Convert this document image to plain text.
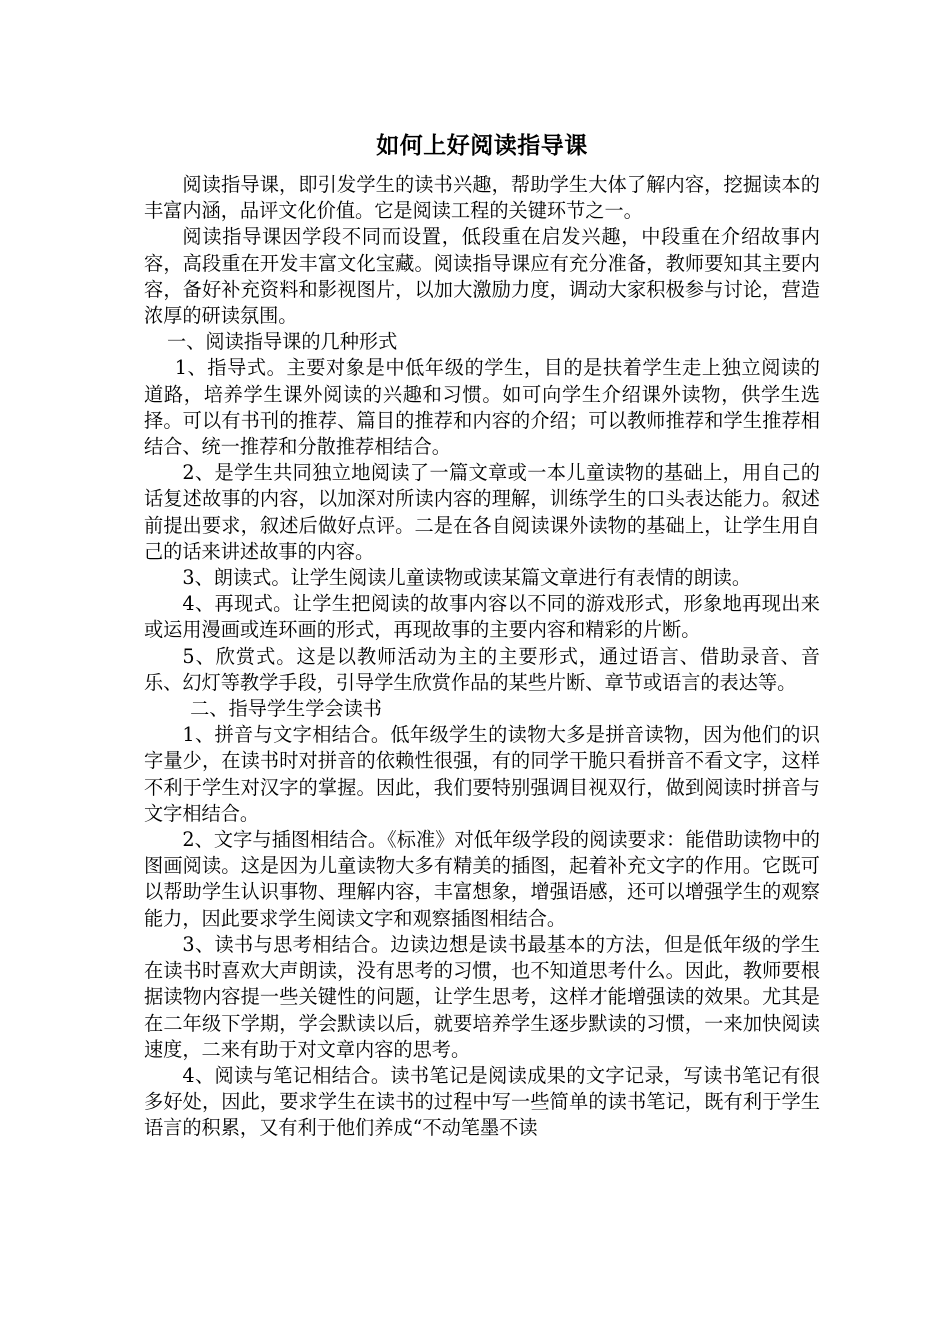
如何上好阅读指导课

阅读指导课，即引发学生的读书兴趣，帮助学生大体了解内容，挖掘读本的丰富内涵，品评文化价值。它是阅读工程的关键环节之一。

阅读指导课因学段不同而设置，低段重在启发兴趣，中段重在介绍故事内容，高段重在开发丰富文化宝藏。阅读指导课应有充分准备，教师要知其主要内容，备好补充资料和影视图片，以加大激励力度，调动大家积极参与讨论，营造浓厚的研读氛围。

一、阅读指导课的几种形式

1、指导式。主要对象是中低年级的学生，目的是扶着学生走上独立阅读的道路，培养学生课外阅读的兴趣和习惯。如可向学生介绍课外读物，供学生选择。可以有书刊的推荐、篇目的推荐和内容的介绍；可以教师推荐和学生推荐相结合、统一推荐和分散推荐相结合。

2、是学生共同独立地阅读了一篇文章或一本儿童读物的基础上，用自己的话复述故事的内容，以加深对所读内容的理解，训练学生的口头表达能力。叙述前提出要求，叙述后做好点评。二是在各自阅读课外读物的基础上，让学生用自己的话来讲述故事的内容。

3、朗读式。让学生阅读儿童读物或读某篇文章进行有表情的朗读。

4、再现式。让学生把阅读的故事内容以不同的游戏形式，形象地再现出来或运用漫画或连环画的形式，再现故事的主要内容和精彩的片断。

5、欣赏式。这是以教师活动为主的主要形式，通过语言、借助录音、音乐、幻灯等教学手段，引导学生欣赏作品的某些片断、章节或语言的表达等。

二、指导学生学会读书

1、拼音与文字相结合。低年级学生的读物大多是拼音读物，因为他们的识字量少，在读书时对拼音的依赖性很强，有的同学干脆只看拼音不看文字，这样不利于学生对汉字的掌握。因此，我们要特别强调目视双行，做到阅读时拼音与文字相结合。

2、文字与插图相结合。《标准》对低年级学段的阅读要求：能借助读物中的图画阅读。这是因为儿童读物大多有精美的插图，起着补充文字的作用。它既可以帮助学生认识事物、理解内容，丰富想象，增强语感，还可以增强学生的观察能力，因此要求学生阅读文字和观察插图相结合。

3、读书与思考相结合。边读边想是读书最基本的方法，但是低年级的学生在读书时喜欢大声朗读，没有思考的习惯，也不知道思考什么。因此，教师要根据读物内容提一些关键性的问题，让学生思考，这样才能增强读的效果。尤其是在二年级下学期，学会默读以后，就要培养学生逐步默读的习惯，一来加快阅读速度，二来有助于对文章内容的思考。

4、阅读与笔记相结合。读书笔记是阅读成果的文字记录，写读书笔记有很多好处，因此，要求学生在读书的过程中写一些简单的读书笔记，既有利于学生语言的积累，又有利于他们养成“不动笔墨不读
